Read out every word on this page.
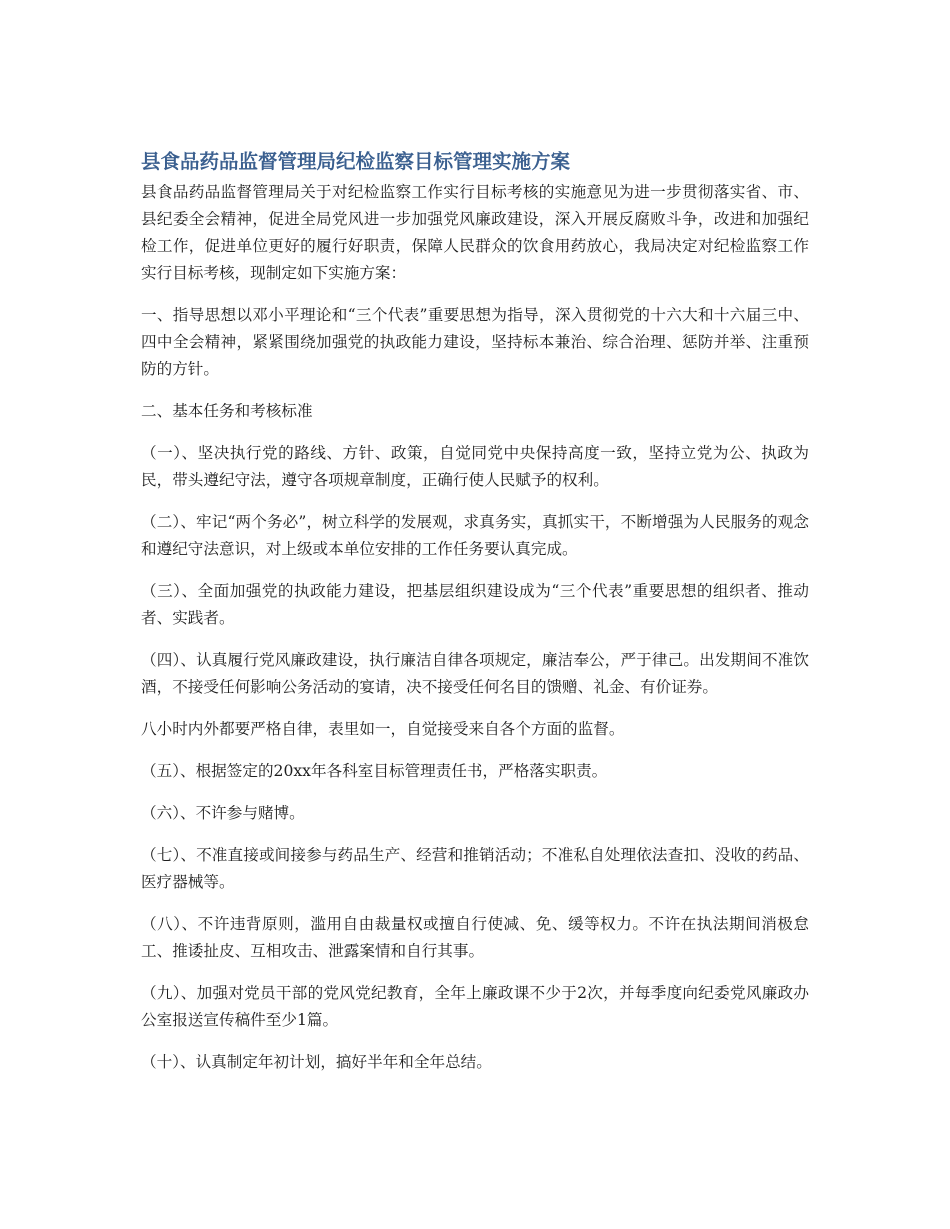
县食品药品监督管理局纪检监察目标管理实施方案

县食品药品监督管理局关于对纪检监察工作实行目标考核的实施意见为进一步贯彻落实省、市、县纪委全会精神，促进全局党风进一步加强党风廉政建设，深入开展反腐败斗争，改进和加强纪检工作，促进单位更好的履行好职责，保障人民群众的饮食用药放心，我局决定对纪检监察工作实行目标考核，现制定如下实施方案：

一、指导思想以邓小平理论和“三个代表”重要思想为指导，深入贯彻党的十六大和十六届三中、四中全会精神，紧紧围绕加强党的执政能力建设，坚持标本兼治、综合治理、惩防并举、注重预防的方针。

二、基本任务和考核标准

（一）、坚决执行党的路线、方针、政策，自觉同党中央保持高度一致，坚持立党为公、执政为民，带头遵纪守法，遵守各项规章制度，正确行使人民赋予的权利。

（二）、牢记“两个务必”，树立科学的发展观，求真务实，真抓实干，不断增强为人民服务的观念和遵纪守法意识，对上级或本单位安排的工作任务要认真完成。

（三）、全面加强党的执政能力建设，把基层组织建设成为“三个代表”重要思想的组织者、推动者、实践者。

（四）、认真履行党风廉政建设，执行廉洁自律各项规定，廉洁奉公，严于律己。出发期间不准饮酒，不接受任何影响公务活动的宴请，决不接受任何名目的馈赠、礼金、有价证券。

八小时内外都要严格自律，表里如一，自觉接受来自各个方面的监督。

（五）、根据签定的20xx年各科室目标管理责任书，严格落实职责。

（六）、不许参与赌博。

（七）、不准直接或间接参与药品生产、经营和推销活动；不准私自处理依法查扣、没收的药品、医疗器械等。

（八）、不许违背原则，滥用自由裁量权或擅自行使减、免、缓等权力。不许在执法期间消极怠工、推诿扯皮、互相攻击、泄露案情和自行其事。

（九）、加强对党员干部的党风党纪教育，全年上廉政课不少于2次，并每季度向纪委党风廉政办公室报送宣传稿件至少1篇。

（十）、认真制定年初计划，搞好半年和全年总结。
